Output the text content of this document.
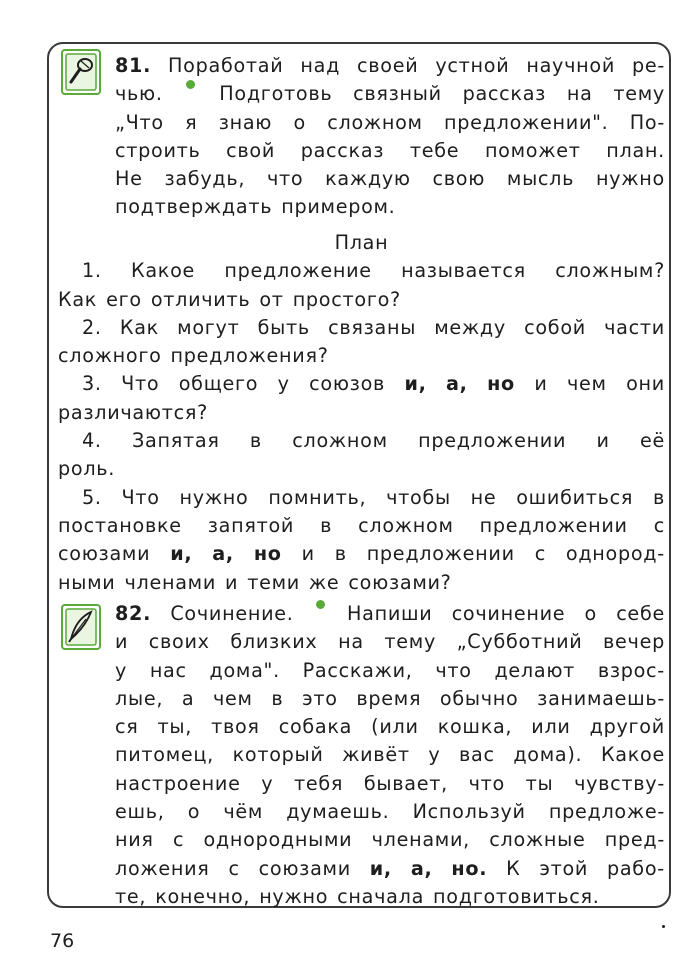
81. Поработай над своей устной научной ре-
чью.	Подготовь связный рассказ на тему
„Что я знаю о сложном предложении". По-
строить свой рассказ тебе поможет план.
Не забудь, что каждую свою мысль нужно
подтверждать примером.
План
1. Какое предложение называется сложным?
Как его отличить от простого?
2. Как могут быть связаны между собой части
сложного предложения?
3. Что общего у союзов и, а, но и чем они
различаются?
4. Запятая в сложном предложении и её
роль.
5. Что нужно помнить, чтобы не ошибиться в
постановке запятой в сложном предложении с
союзами и, а, но и в предложении с однород-
ными членами и теми же союзами?
82. Сочинение.	Напиши сочинение о себе
и своих близких на тему „Субботний вечер
у нас дома". Расскажи, что делают взрос-
лые, а чем в это время обычно занимаешь-
ся ты, твоя собака (или кошка, или другой
питомец, который живёт у вас дома). Какое
настроение у тебя бывает, что ты чувству-
ешь, о чём думаешь. Используй предложе-
ния с однородными членами, сложные пред-
ложения с союзами и, а, но. К этой рабо-
те, конечно, нужно сначала подготовиться.
76
